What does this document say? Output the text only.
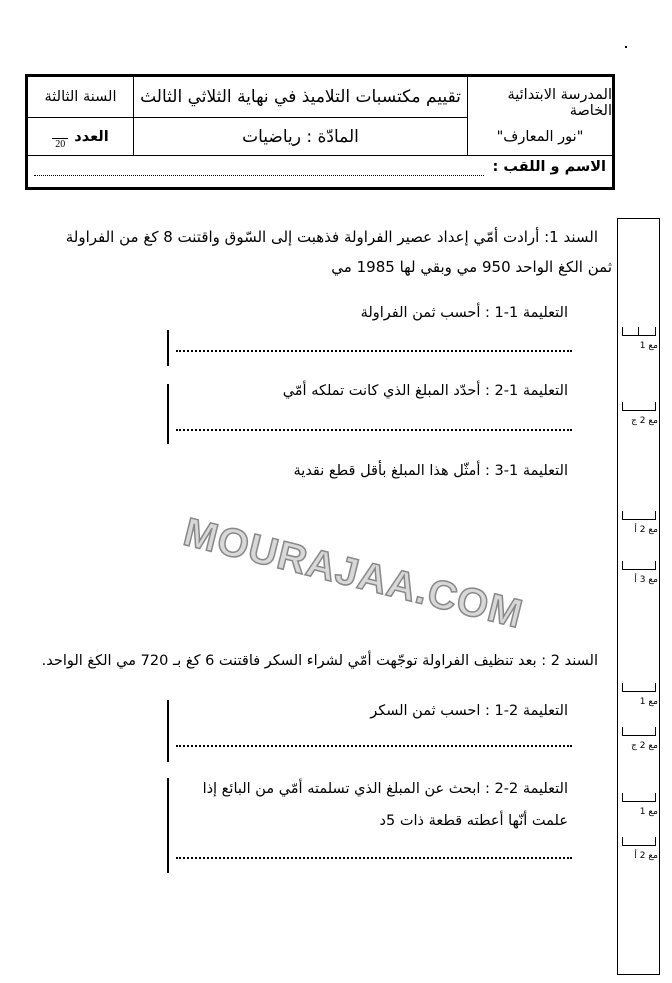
السنة الثالثة
العدد
20
تقييم مكتسبات التلاميذ في نهاية الثلاثي الثالث
المادّة : رياضيات
المدرسة الابتدائية الخاصة
"نور المعارف"
الاسم و اللقب :
MOURAJAA.COM
السند 1: أرادت أمّي إعداد عصير الفراولة فذهبت إلى السّوق واقتنت 8 كغ من الفراولة
ثمن الكغ الواحد 950 مي وبقي لها 1985 مي
التعليمة 1-1 : أحسب ثمن الفراولة
التعليمة 1-2 : أحدّد المبلغ الذي كانت تملكه أمّي
التعليمة 1-3 : أمثّل هذا المبلغ بأقل قطع نقدية
السند 2 : بعد تنظيف الفراولة توجّهت أمّي لشراء السكر فاقتنت 6 كغ بـ 720 مي الكغ الواحد.
التعليمة 2-1 : احسب ثمن السكر
التعليمة 2-2 : ابحث عن المبلغ الذي تسلمته أمّي من البائع إذا
علمت أنّها أعطته قطعة ذات 5د
مع 1
مع 2 ج
مع 2 أ
مع 3 أ
مع 1
مع 2 ج
مع 1
مع 2 أ
